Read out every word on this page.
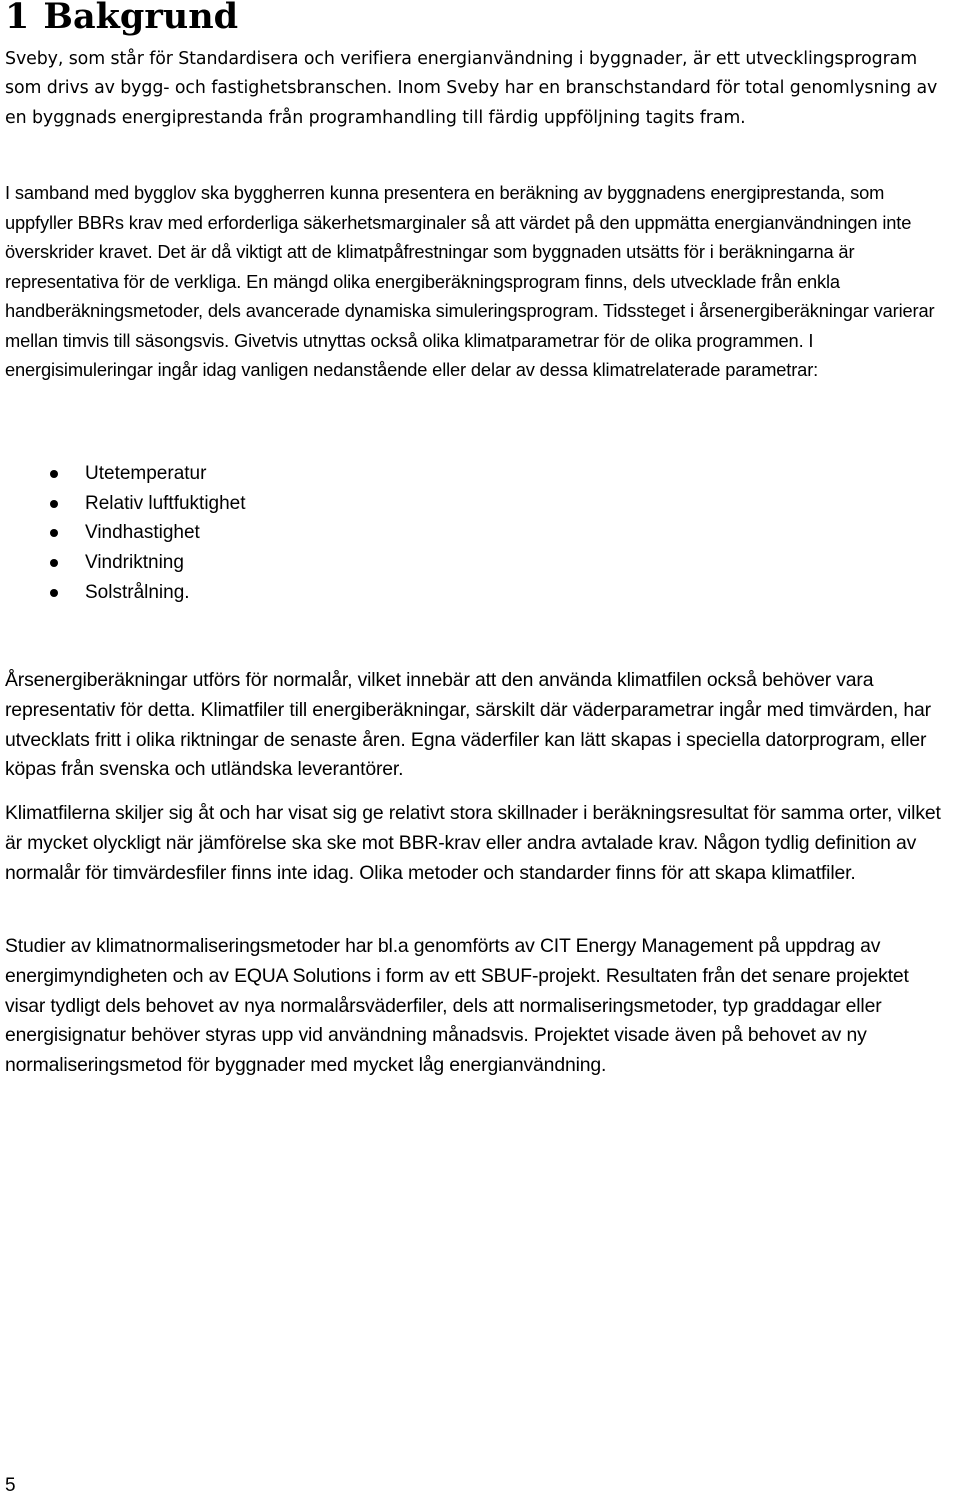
1 Bakgrund

Sveby, som står för Standardisera och verifiera energianvändning i byggnader, är ett utvecklingsprogram som drivs av bygg- och fastighetsbranschen. Inom Sveby har en branschstandard för total genomlysning av en byggnads energiprestanda från programhandling till färdig uppföljning tagits fram.

I samband med bygglov ska byggherren kunna presentera en beräkning av byggnadens energiprestanda, som uppfyller BBRs krav med erforderliga säkerhetsmarginaler så att värdet på den uppmätta energianvändningen inte överskrider kravet. Det är då viktigt att de klimatpåfrestningar som byggnaden utsätts för i beräkningarna är representativa för de verkliga. En mängd olika energiberäkningsprogram finns, dels utvecklade från enkla handberäkningsmetoder, dels avancerade dynamiska simuleringsprogram. Tidssteget i årsenergiberäkningar varierar mellan timvis till säsongsvis. Givetvis utnyttas också olika klimatparametrar för de olika programmen. I energisimuleringar ingår idag vanligen nedanstående eller delar av dessa klimatrelaterade parametrar:

Utetemperatur
Relativ luftfuktighet
Vindhastighet
Vindriktning
Solstrålning.

Årsenergiberäkningar utförs för normalår, vilket innebär att den använda klimatfilen också behöver vara representativ för detta. Klimatfiler till energiberäkningar, särskilt där väderparametrar ingår med timvärden, har utvecklats fritt i olika riktningar de senaste åren. Egna väderfiler kan lätt skapas i speciella datorprogram, eller köpas från svenska och utländska leverantörer.

Klimatfilerna skiljer sig åt och har visat sig ge relativt stora skillnader i beräkningsresultat för samma orter, vilket är mycket olyckligt när jämförelse ska ske mot BBR-krav eller andra avtalade krav. Någon tydlig definition av normalår för timvärdesfiler finns inte idag. Olika metoder och standarder finns för att skapa klimatfiler.

Studier av klimatnormaliseringsmetoder har bl.a genomförts av CIT Energy Management på uppdrag av energimyndigheten och av EQUA Solutions i form av ett SBUF-projekt. Resultaten från det senare projektet visar tydligt dels behovet av nya normalårsväderfiler, dels att normaliseringsmetoder, typ graddagar eller energisignatur behöver styras upp vid användning månadsvis. Projektet visade även på behovet av ny normaliseringsmetod för byggnader med mycket låg energianvändning.

5
